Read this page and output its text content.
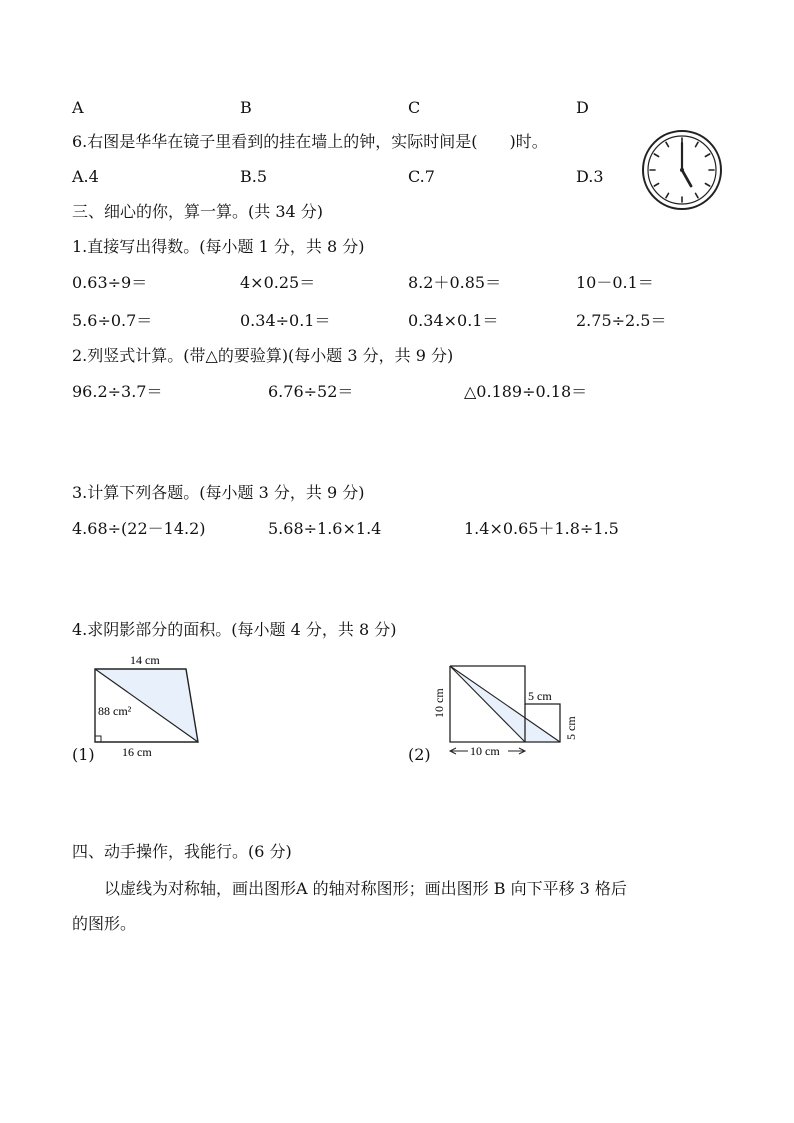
A	B	C	D
6.右图是华华在镜子里看到的挂在墙上的钟，实际时间是(　　)时。
A.4	B.5	C.7	D.3
三、细心的你，算一算。(共 34 分)
1.直接写出得数。(每小题 1 分，共 8 分)
0.63÷9＝	4×0.25＝	8.2＋0.85＝	10－0.1＝
5.6÷0.7＝	0.34÷0.1＝	0.34×0.1＝	2.75÷2.5＝
2.列竖式计算。(带△的要验算)(每小题 3 分，共 9 分)
96.2÷3.7＝	6.76÷52＝	△0.189÷0.18＝
3.计算下列各题。(每小题 3 分，共 9 分)
4.68÷(22－14.2)	5.68÷1.6×1.4	1.4×0.65＋1.8÷1.5
4.求阴影部分的面积。(每小题 4 分，共 8 分)
(1)
14 cm
88 cm²
16 cm	(2)
10 cm	5 cm
5 cm
10 cm
四、动手操作，我能行。(6 分)
以虚线为对称轴，画出图形A 的轴对称图形；画出图形 B 向下平移 3 格后
的图形。
